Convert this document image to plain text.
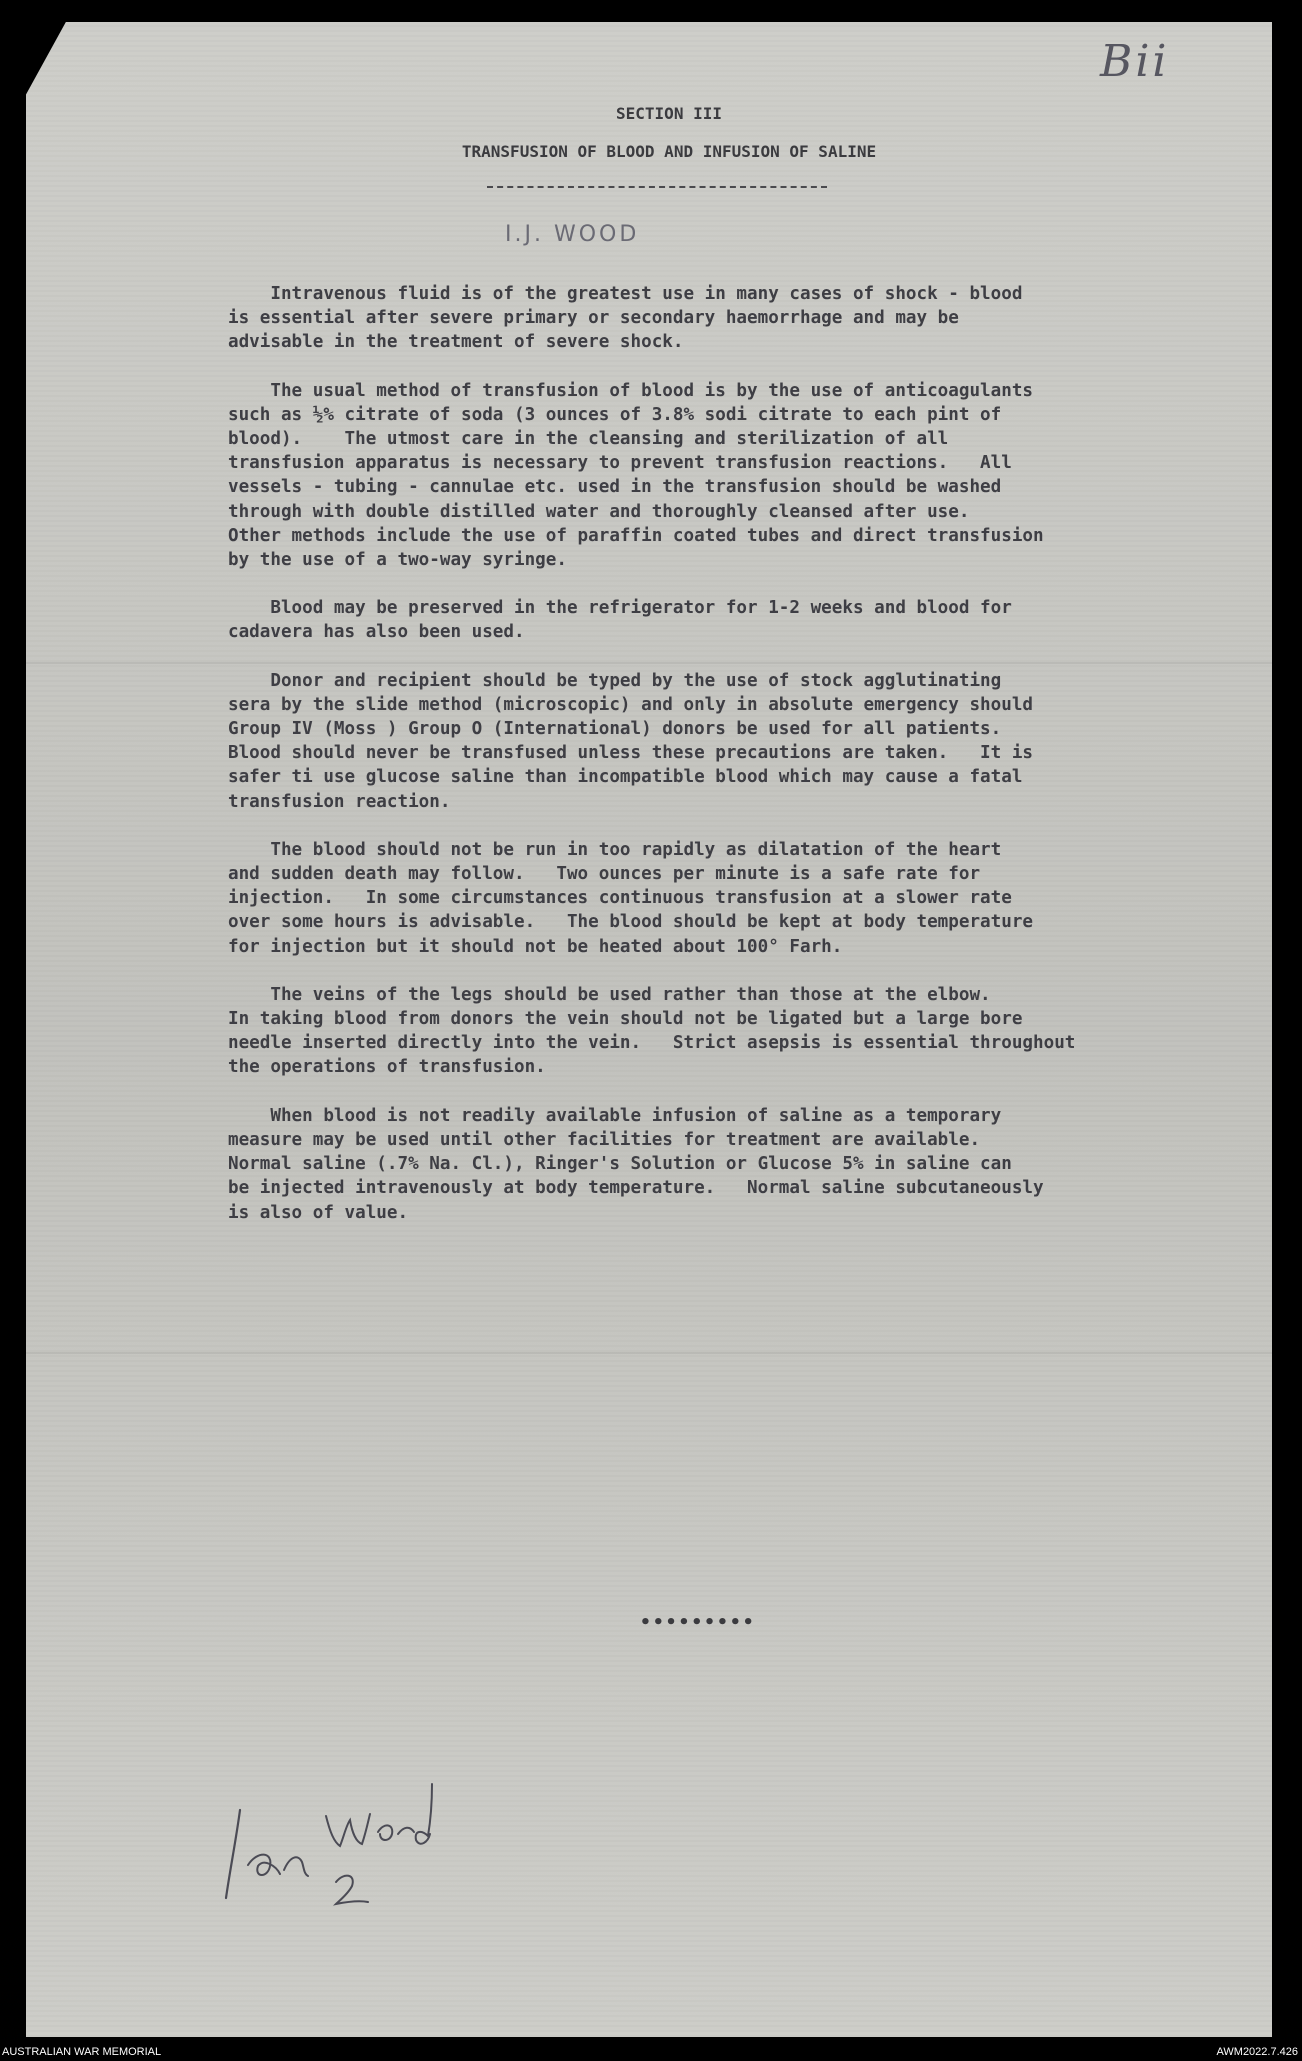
Bii
SECTION III
TRANSFUSION OF BLOOD AND INFUSION OF SALINE
I.J. WOOD

Intravenous fluid is of the greatest use in many cases of shock - blood
is essential after severe primary or secondary haemorrhage and may be
advisable in the treatment of severe shock.

The usual method of transfusion of blood is by the use of anticoagulants
such as ½% citrate of soda (3 ounces of 3.8% sodi citrate to each pint of
blood).    The utmost care in the cleansing and sterilization of all
transfusion apparatus is necessary to prevent transfusion reactions.   All
vessels - tubing - cannulae etc. used in the transfusion should be washed
through with double distilled water and thoroughly cleansed after use.
Other methods include the use of paraffin coated tubes and direct transfusion
by the use of a two-way syringe.

Blood may be preserved in the refrigerator for 1-2 weeks and blood for
cadavera has also been used.

Donor and recipient should be typed by the use of stock agglutinating
sera by the slide method (microscopic) and only in absolute emergency should
Group IV (Moss ) Group O (International) donors be used for all patients.
Blood should never be transfused unless these precautions are taken.   It is
safer ti use glucose saline than incompatible blood which may cause a fatal
transfusion reaction.

The blood should not be run in too rapidly as dilatation of the heart
and sudden death may follow.   Two ounces per minute is a safe rate for
injection.   In some circumstances continuous transfusion at a slower rate
over some hours is advisable.   The blood should be kept at body temperature
for injection but it should not be heated about 100° Farh.

The veins of the legs should be used rather than those at the elbow.
In taking blood from donors the vein should not be ligated but a large bore
needle inserted directly into the vein.   Strict asepsis is essential throughout
the operations of transfusion.

When blood is not readily available infusion of saline as a temporary
measure may be used until other facilities for treatment are available.
Normal saline (.7% Na. Cl.), Ringer's Solution or Glucose 5% in saline can
be injected intravenously at body temperature.   Normal saline subcutaneously
is also of value.

•••••••••
AUSTRALIAN WAR MEMORIAL	AWM2022.7.426
